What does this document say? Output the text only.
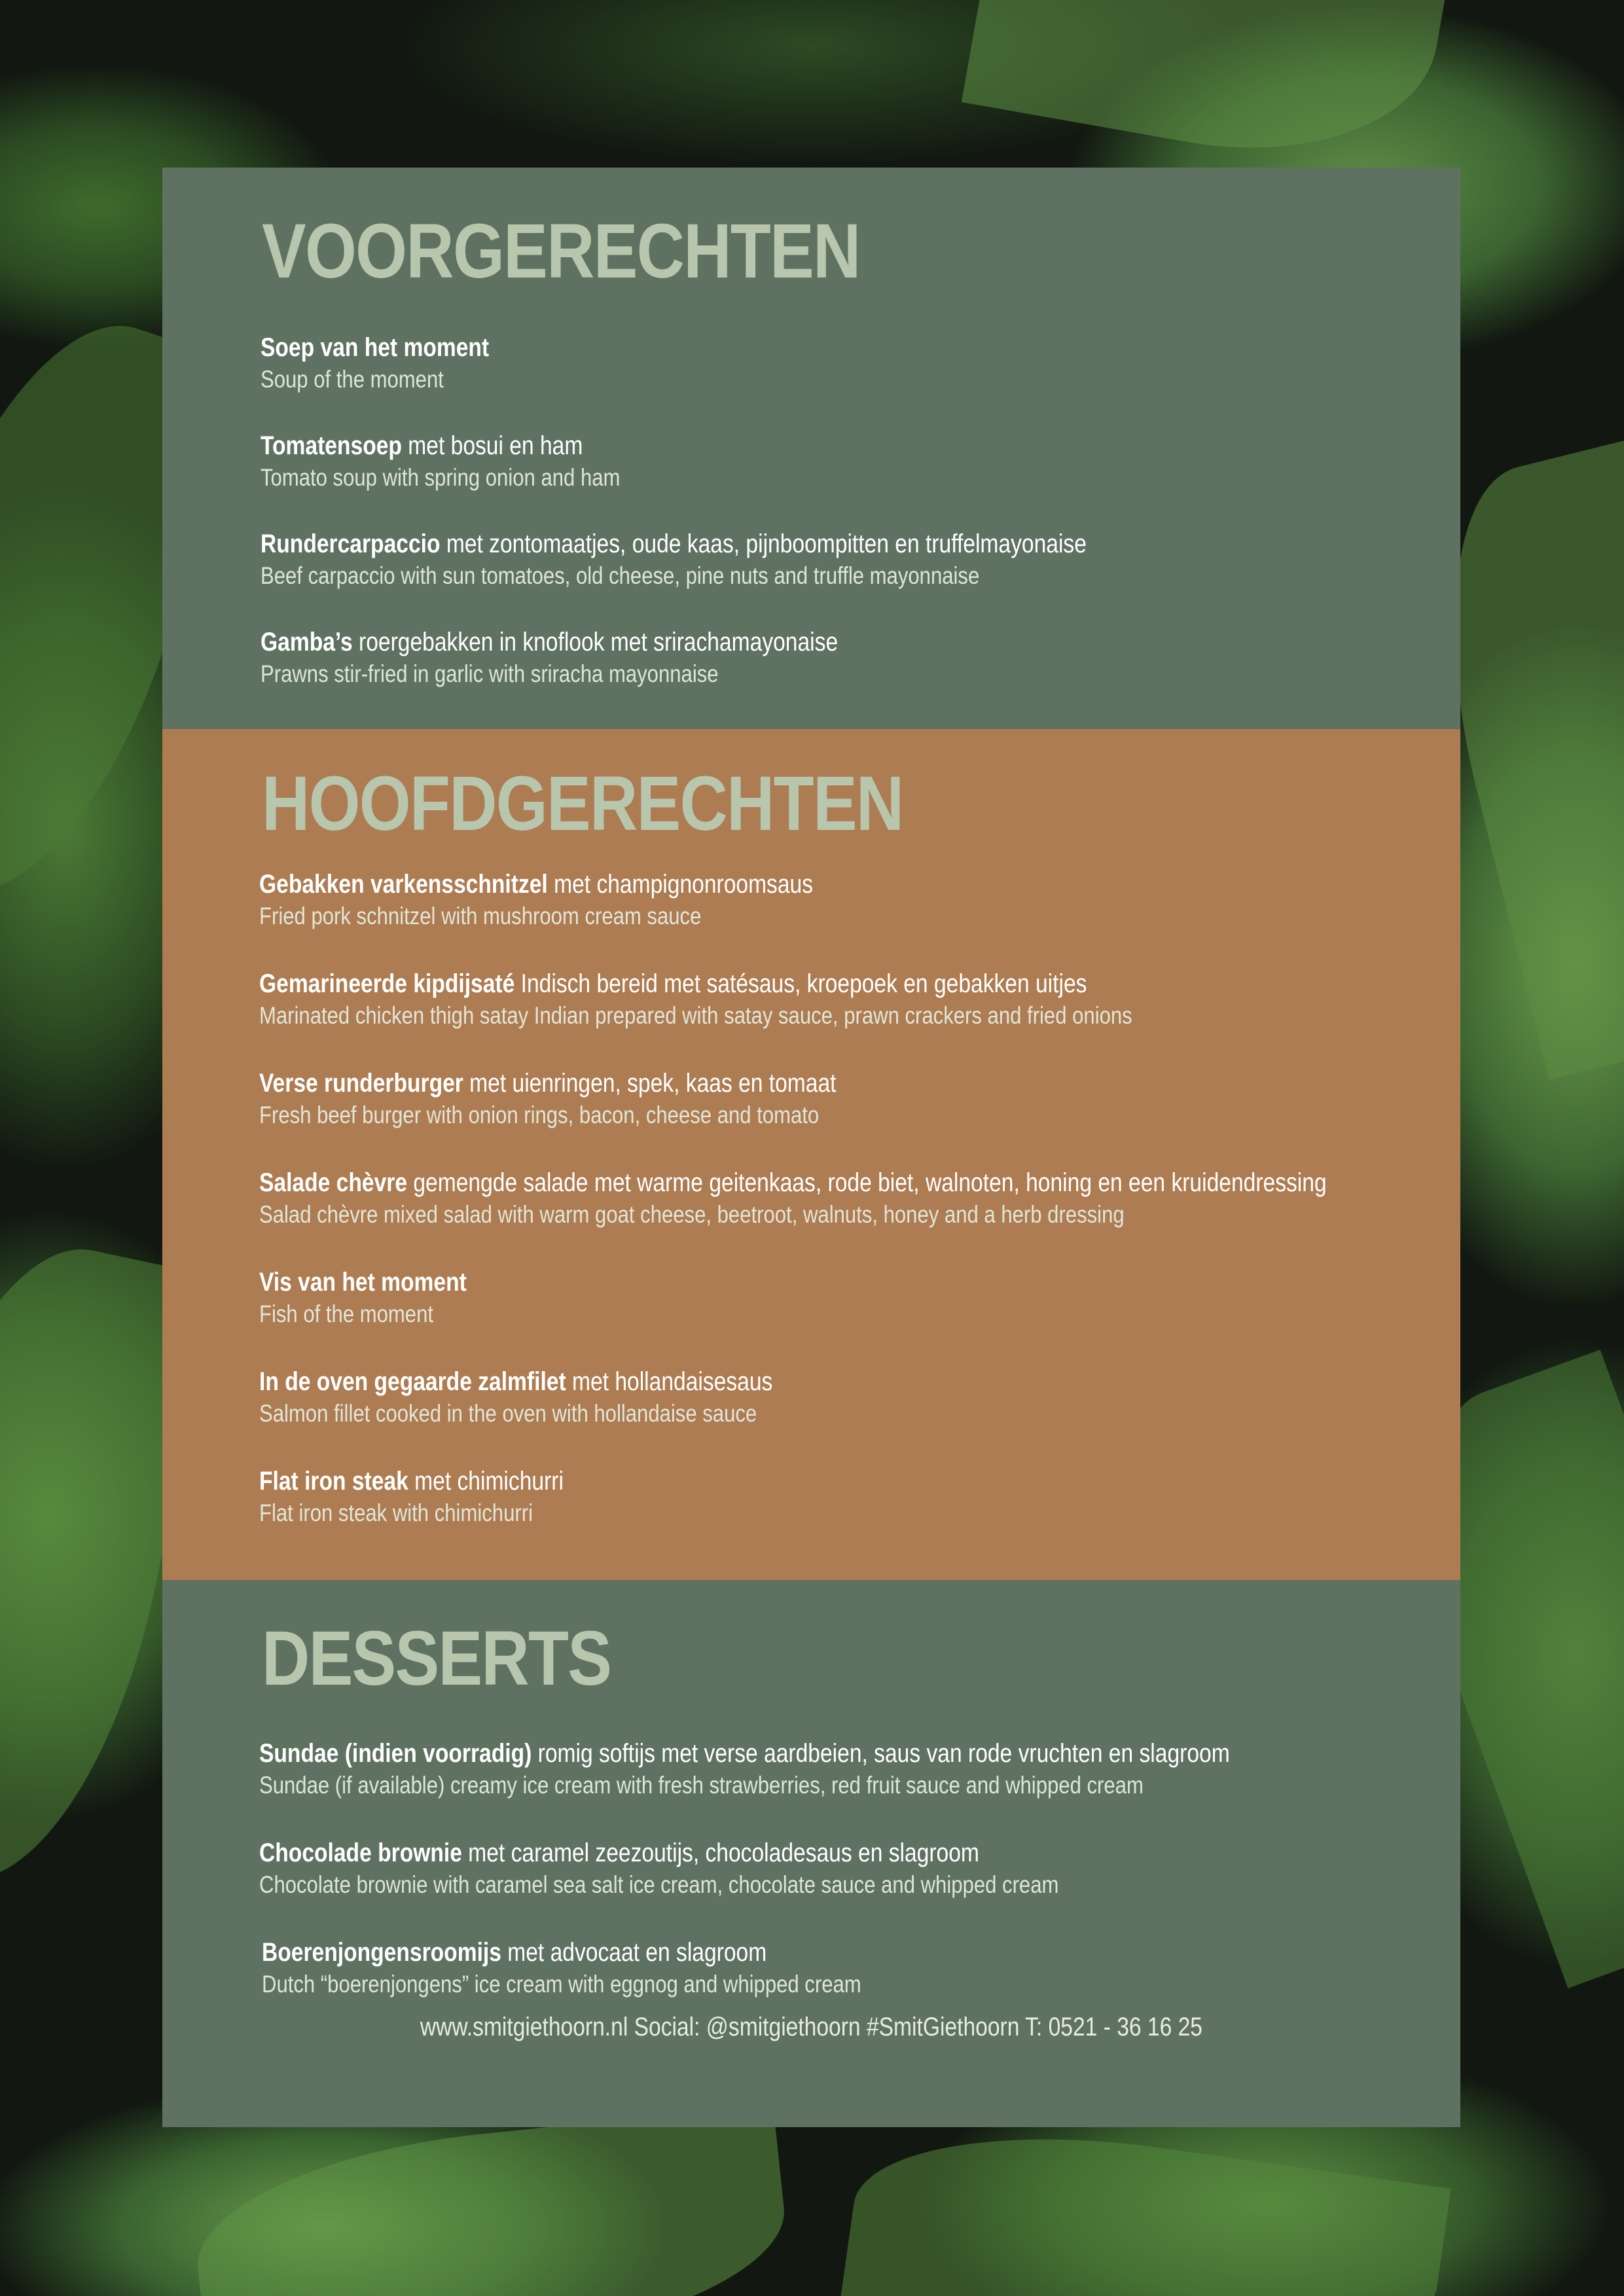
VOORGERECHTEN
Soep van het moment
Soup of the moment
Tomatensoep met bosui en ham
Tomato soup with spring onion and ham
Rundercarpaccio met zontomaatjes, oude kaas, pijnboompitten en truffelmayonaise
Beef carpaccio with sun tomatoes, old cheese, pine nuts and truffle mayonnaise
Gamba’s roergebakken in knoflook met srirachamayonaise
Prawns stir-fried in garlic with sriracha mayonnaise
HOOFDGERECHTEN
Gebakken varkensschnitzel met champignonroomsaus
Fried pork schnitzel with mushroom cream sauce
Gemarineerde kipdijsaté Indisch bereid met satésaus, kroepoek en gebakken uitjes
Marinated chicken thigh satay Indian prepared with satay sauce, prawn crackers and fried onions
Verse runderburger met uienringen, spek, kaas en tomaat
Fresh beef burger with onion rings, bacon, cheese and tomato
Salade chèvre gemengde salade met warme geitenkaas, rode biet, walnoten, honing en een kruidendressing
Salad chèvre mixed salad with warm goat cheese, beetroot, walnuts, honey and a herb dressing
Vis van het moment
Fish of the moment
In de oven gegaarde zalmfilet met hollandaisesaus
Salmon fillet cooked in the oven with hollandaise sauce
Flat iron steak met chimichurri
Flat iron steak with chimichurri
DESSERTS
Sundae (indien voorradig) romig softijs met verse aardbeien, saus van rode vruchten en slagroom
Sundae (if available) creamy ice cream with fresh strawberries, red fruit sauce and whipped cream
Chocolade brownie met caramel zeezoutijs, chocoladesaus en slagroom
Chocolate brownie with caramel sea salt ice cream, chocolate sauce and whipped cream
Boerenjongensroomijs met advocaat en slagroom
Dutch “boerenjongens” ice cream with eggnog and whipped cream
www.smitgiethoorn.nl Social: @smitgiethoorn #SmitGiethoorn T: 0521 - 36 16 25
